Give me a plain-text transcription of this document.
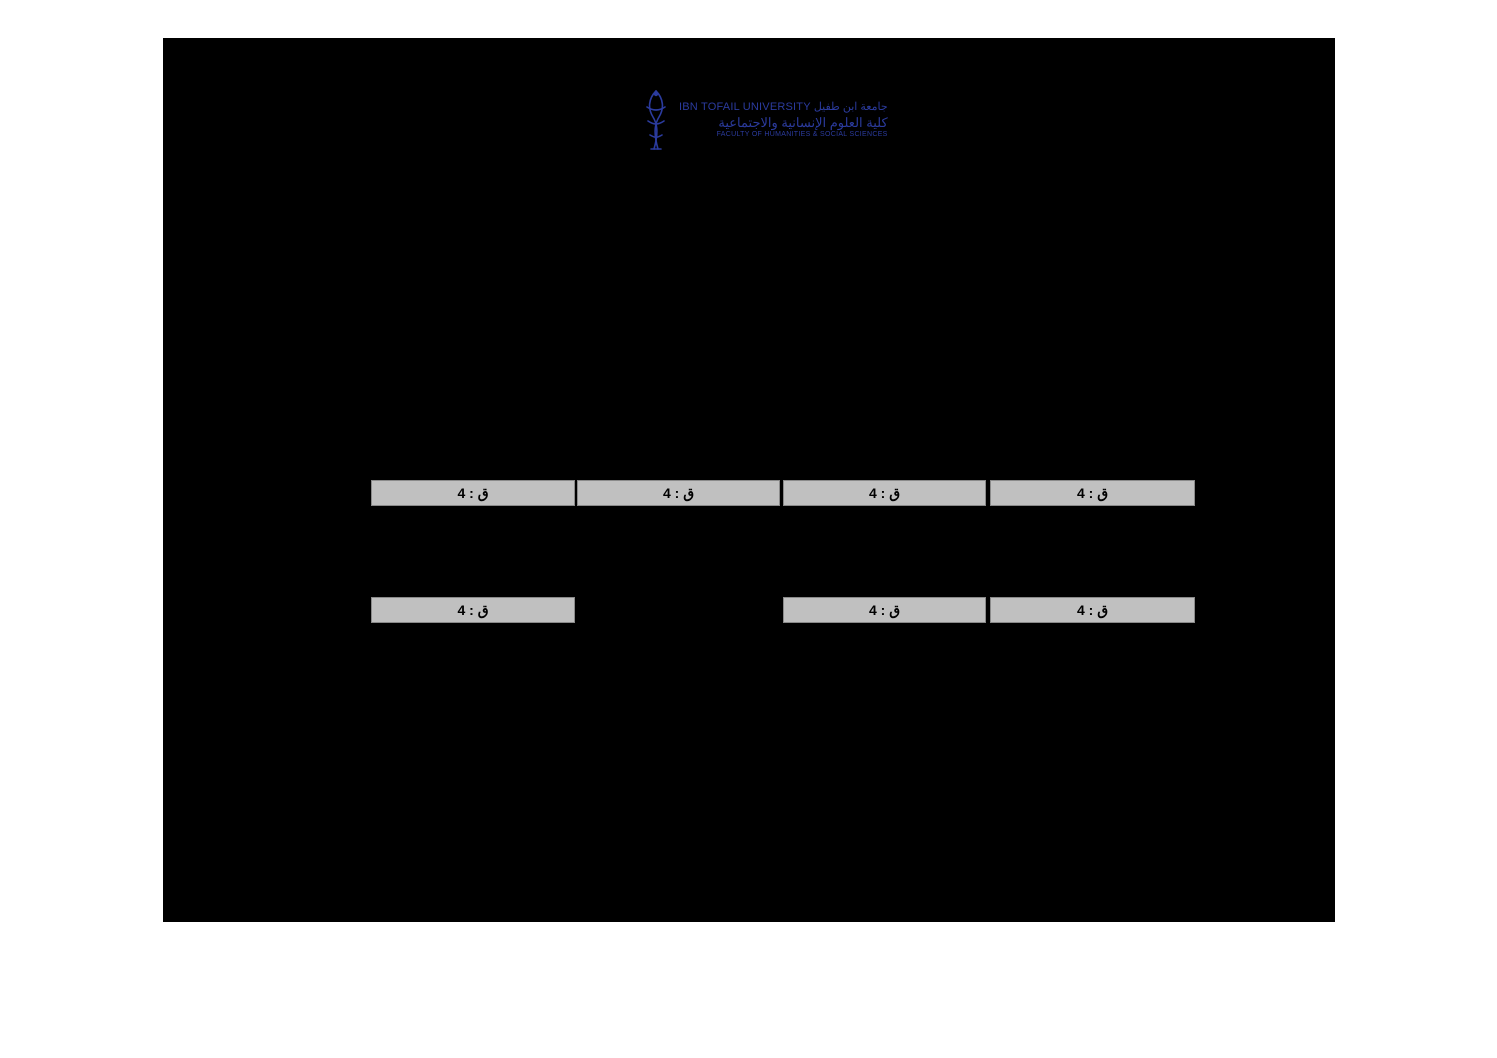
جامعة ابن طفيل IBN TOFAIL UNIVERSITY
كلية العلوم الإنسانية والاجتماعية
FACULTY OF HUMANITIES & SOCIAL SCIENCES
ق : 4
ق : 4
ق : 4
ق : 4
ق : 4
ق : 4
ق : 4
